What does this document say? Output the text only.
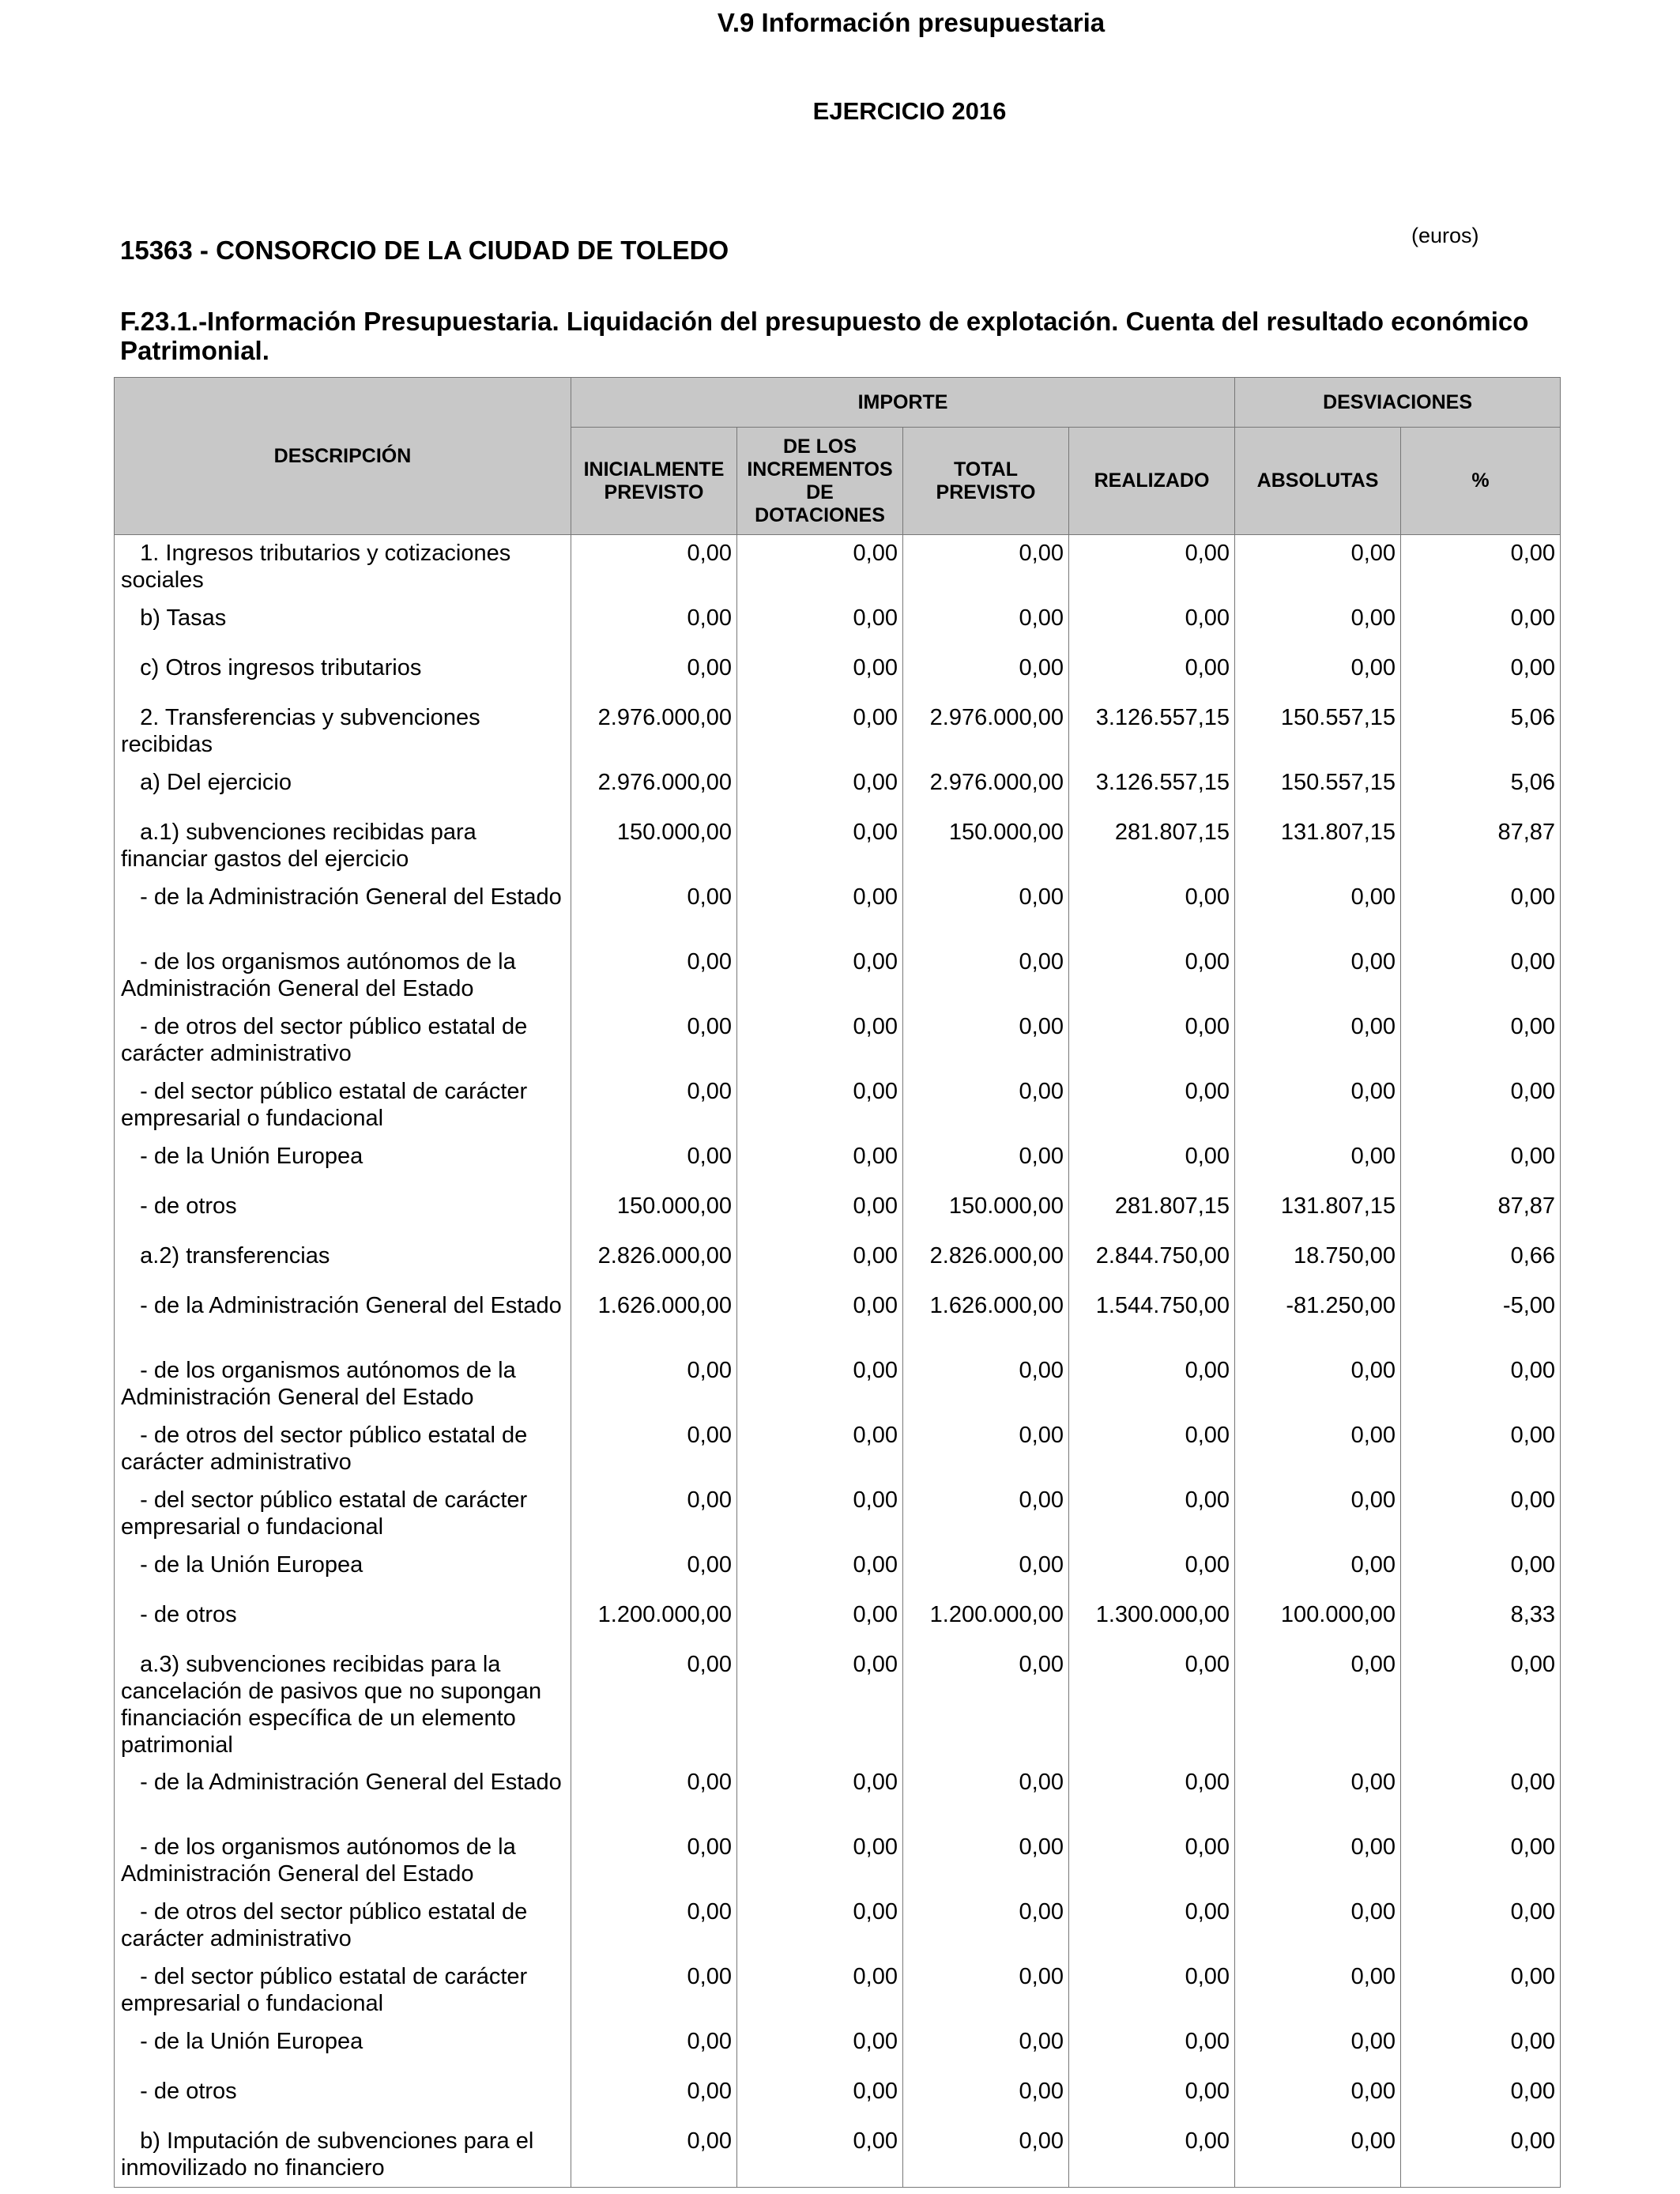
V.9 Información presupuestaria
EJERCICIO 2016
15363 - CONSORCIO DE LA CIUDAD DE TOLEDO	(euros)
F.23.1.-Información Presupuestaria. Liquidación del presupuesto de explotación. Cuenta del resultado económico Patrimonial.
DESCRIPCIÓN	IMPORTE				DESVIACIONES	
	INICIALMENTE PREVISTO	DE LOS INCREMENTOS DE DOTACIONES	TOTAL PREVISTO	REALIZADO	ABSOLUTAS	%
1. Ingresos tributarios y cotizaciones sociales	0,00	0,00	0,00	0,00	0,00	0,00
b) Tasas	0,00	0,00	0,00	0,00	0,00	0,00
c) Otros ingresos tributarios	0,00	0,00	0,00	0,00	0,00	0,00
2. Transferencias y subvenciones recibidas	2.976.000,00	0,00	2.976.000,00	3.126.557,15	150.557,15	5,06
a) Del ejercicio	2.976.000,00	0,00	2.976.000,00	3.126.557,15	150.557,15	5,06
a.1) subvenciones recibidas para financiar gastos del ejercicio	150.000,00	0,00	150.000,00	281.807,15	131.807,15	87,87
- de la Administración General del Estado	0,00	0,00	0,00	0,00	0,00	0,00
- de los organismos autónomos de la Administración General del Estado	0,00	0,00	0,00	0,00	0,00	0,00
- de otros del sector público estatal de carácter administrativo	0,00	0,00	0,00	0,00	0,00	0,00
- del sector público estatal de carácter empresarial o fundacional	0,00	0,00	0,00	0,00	0,00	0,00
- de la Unión Europea	0,00	0,00	0,00	0,00	0,00	0,00
- de otros	150.000,00	0,00	150.000,00	281.807,15	131.807,15	87,87
a.2) transferencias	2.826.000,00	0,00	2.826.000,00	2.844.750,00	18.750,00	0,66
- de la Administración General del Estado	1.626.000,00	0,00	1.626.000,00	1.544.750,00	-81.250,00	-5,00
- de los organismos autónomos de la Administración General del Estado	0,00	0,00	0,00	0,00	0,00	0,00
- de otros del sector público estatal de carácter administrativo	0,00	0,00	0,00	0,00	0,00	0,00
- del sector público estatal de carácter empresarial o fundacional	0,00	0,00	0,00	0,00	0,00	0,00
- de la Unión Europea	0,00	0,00	0,00	0,00	0,00	0,00
- de otros	1.200.000,00	0,00	1.200.000,00	1.300.000,00	100.000,00	8,33
a.3) subvenciones recibidas para la cancelación de pasivos que no supongan financiación específica de un elemento patrimonial	0,00	0,00	0,00	0,00	0,00	0,00
- de la Administración General del Estado	0,00	0,00	0,00	0,00	0,00	0,00
- de los organismos autónomos de la Administración General del Estado	0,00	0,00	0,00	0,00	0,00	0,00
- de otros del sector público estatal de carácter administrativo	0,00	0,00	0,00	0,00	0,00	0,00
- del sector público estatal de carácter empresarial o fundacional	0,00	0,00	0,00	0,00	0,00	0,00
- de la Unión Europea	0,00	0,00	0,00	0,00	0,00	0,00
- de otros	0,00	0,00	0,00	0,00	0,00	0,00
b) Imputación de subvenciones para el inmovilizado no financiero	0,00	0,00	0,00	0,00	0,00	0,00
